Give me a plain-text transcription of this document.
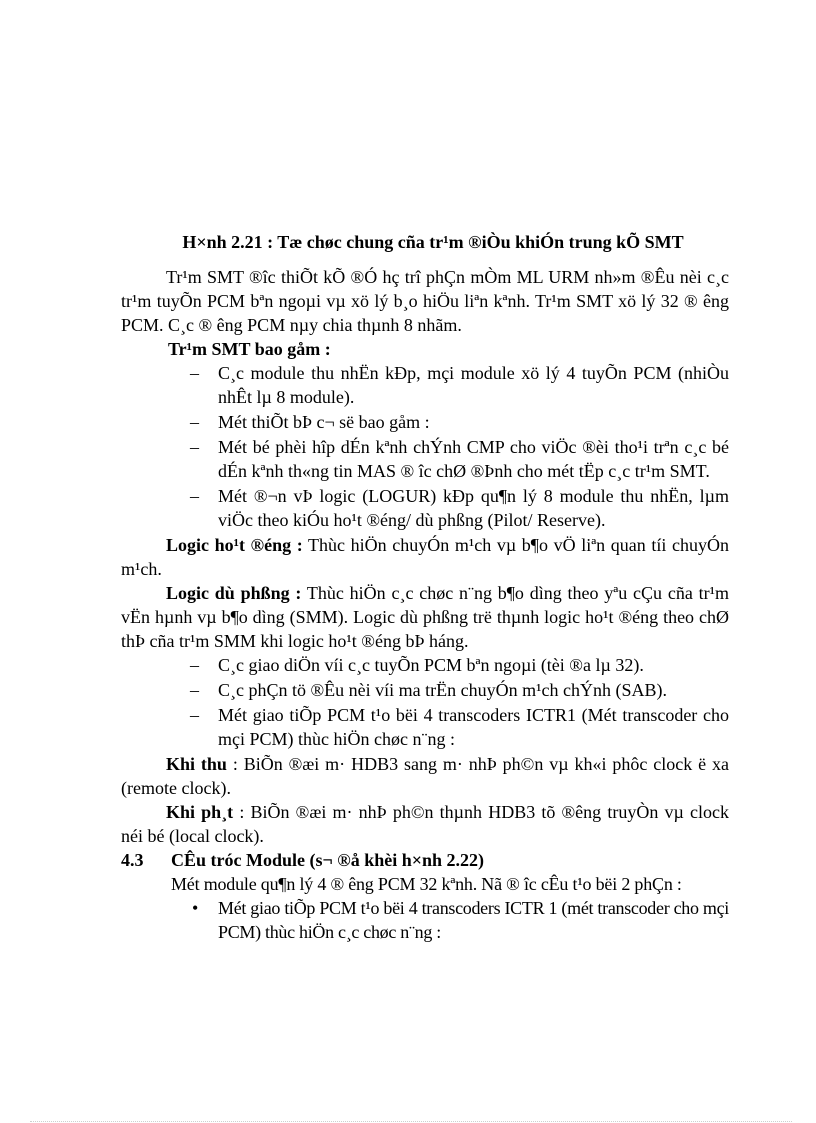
H×nh 2.21 : Tæ chøc chung cña tr¹m ®iÒu khiÓn trung kÕ SMT

Tr¹m SMT ®îc thiÕt kÕ ®Ó hç trî phÇn mÒm ML URM nh»m ®Êu nèi c¸c tr¹m tuyÕn PCM bªn ngoµi vµ xö lý b¸o hiÖu liªn kªnh. Tr¹m SMT xö lý 32 ® êng PCM. C¸c ® êng PCM nµy chia thµnh 8 nhãm.

Tr¹m SMT bao gåm :

– C¸c module thu nhËn kÐp, mçi module xö lý 4 tuyÕn PCM (nhiÒu nhÊt lµ 8 module).
– Mét thiÕt bÞ c¬ së bao gåm :
– Mét bé phèi hîp dÉn kªnh chÝnh CMP cho viÖc ®èi tho¹i trªn c¸c bé dÉn kªnh th«ng tin MAS ® îc chØ ®Þnh cho mét tËp c¸c tr¹m SMT.
– Mét ®¬n vÞ logic (LOGUR) kÐp qu¶n lý 8 module thu nhËn, lµm viÖc theo kiÓu ho¹t ®éng/ dù phßng (Pilot/ Reserve).

Logic ho¹t ®éng : Thùc hiÖn chuyÓn m¹ch vµ b¶o vÖ liªn quan tíi chuyÓn m¹ch.

Logic dù phßng : Thùc hiÖn c¸c chøc n¨ng b¶o dìng theo yªu cÇu cña tr¹m vËn hµnh vµ b¶o dìng (SMM). Logic dù phßng trë thµnh logic ho¹t ®éng theo chØ thÞ cña tr¹m SMM khi logic ho¹t ®éng bÞ háng.

– C¸c giao diÖn víi c¸c tuyÕn PCM bªn ngoµi (tèi ®a lµ 32).
– C¸c phÇn tö ®Êu nèi víi ma trËn chuyÓn m¹ch chÝnh (SAB).
– Mét giao tiÕp PCM t¹o bëi 4 transcoders ICTR1 (Mét transcoder cho mçi PCM) thùc hiÖn chøc n¨ng :

Khi thu : BiÕn ®æi m· HDB3 sang m· nhÞ ph©n vµ kh«i phôc clock ë xa (remote clock).

Khi ph¸t : BiÕn ®æi m· nhÞ ph©n thµnh HDB3 tõ ®êng truyÒn vµ clock néi bé (local clock).

4.3 CÊu tróc Module (s¬ ®å khèi h×nh 2.22)

Mét module qu¶n lý 4 ® êng PCM 32 kªnh. Nã ® îc cÊu t¹o bëi 2 phÇn :

• Mét giao tiÕp PCM t¹o bëi 4 transcoders ICTR 1 (mét transcoder cho mçi PCM) thùc hiÖn c¸c chøc n¨ng :
